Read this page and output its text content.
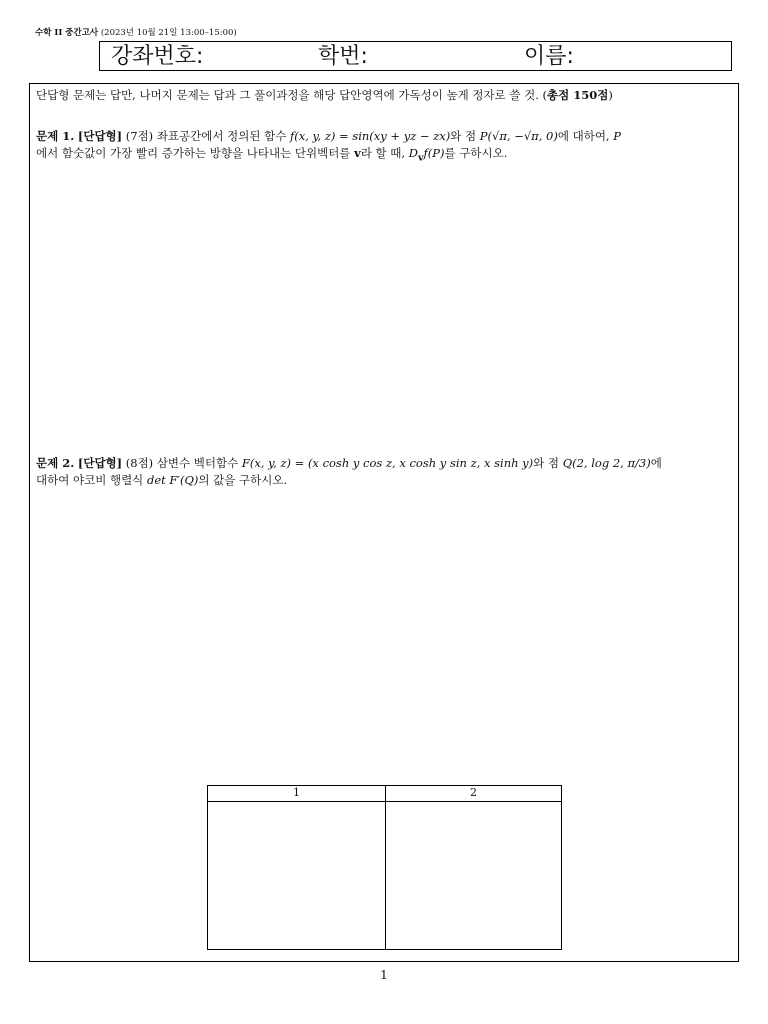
수학 II 중간고사 (2023년 10월 21일 13:00–15:00)
강좌번호:	학번:	이름:
단답형 문제는 답만, 나머지 문제는 답과 그 풀이과정을 해당 답안영역에 가독성이 높게 정자로 쓸 것. (총점 150점)
문제 1. [단답형] (7점) 좌표공간에서 정의된 함수 f(x, y, z) = sin(xy + yz − zx)와 점 P(√π, −√π, 0)에 대하여, P
에서 함숫값이 가장 빨리 증가하는 방향을 나타내는 단위벡터를 v라 할 때, $D_vf(P)$를 구하시오.
문제 2. [단답형] (8점) 삼변수 벡터함수 F(x, y, z) = (x cosh y cos z, x cosh y sin z, x sinh y)와 점 Q(2, log 2, π/3)에
대하여 야코비 행렬식 det F′(Q)의 값을 구하시오.
1	2
1
